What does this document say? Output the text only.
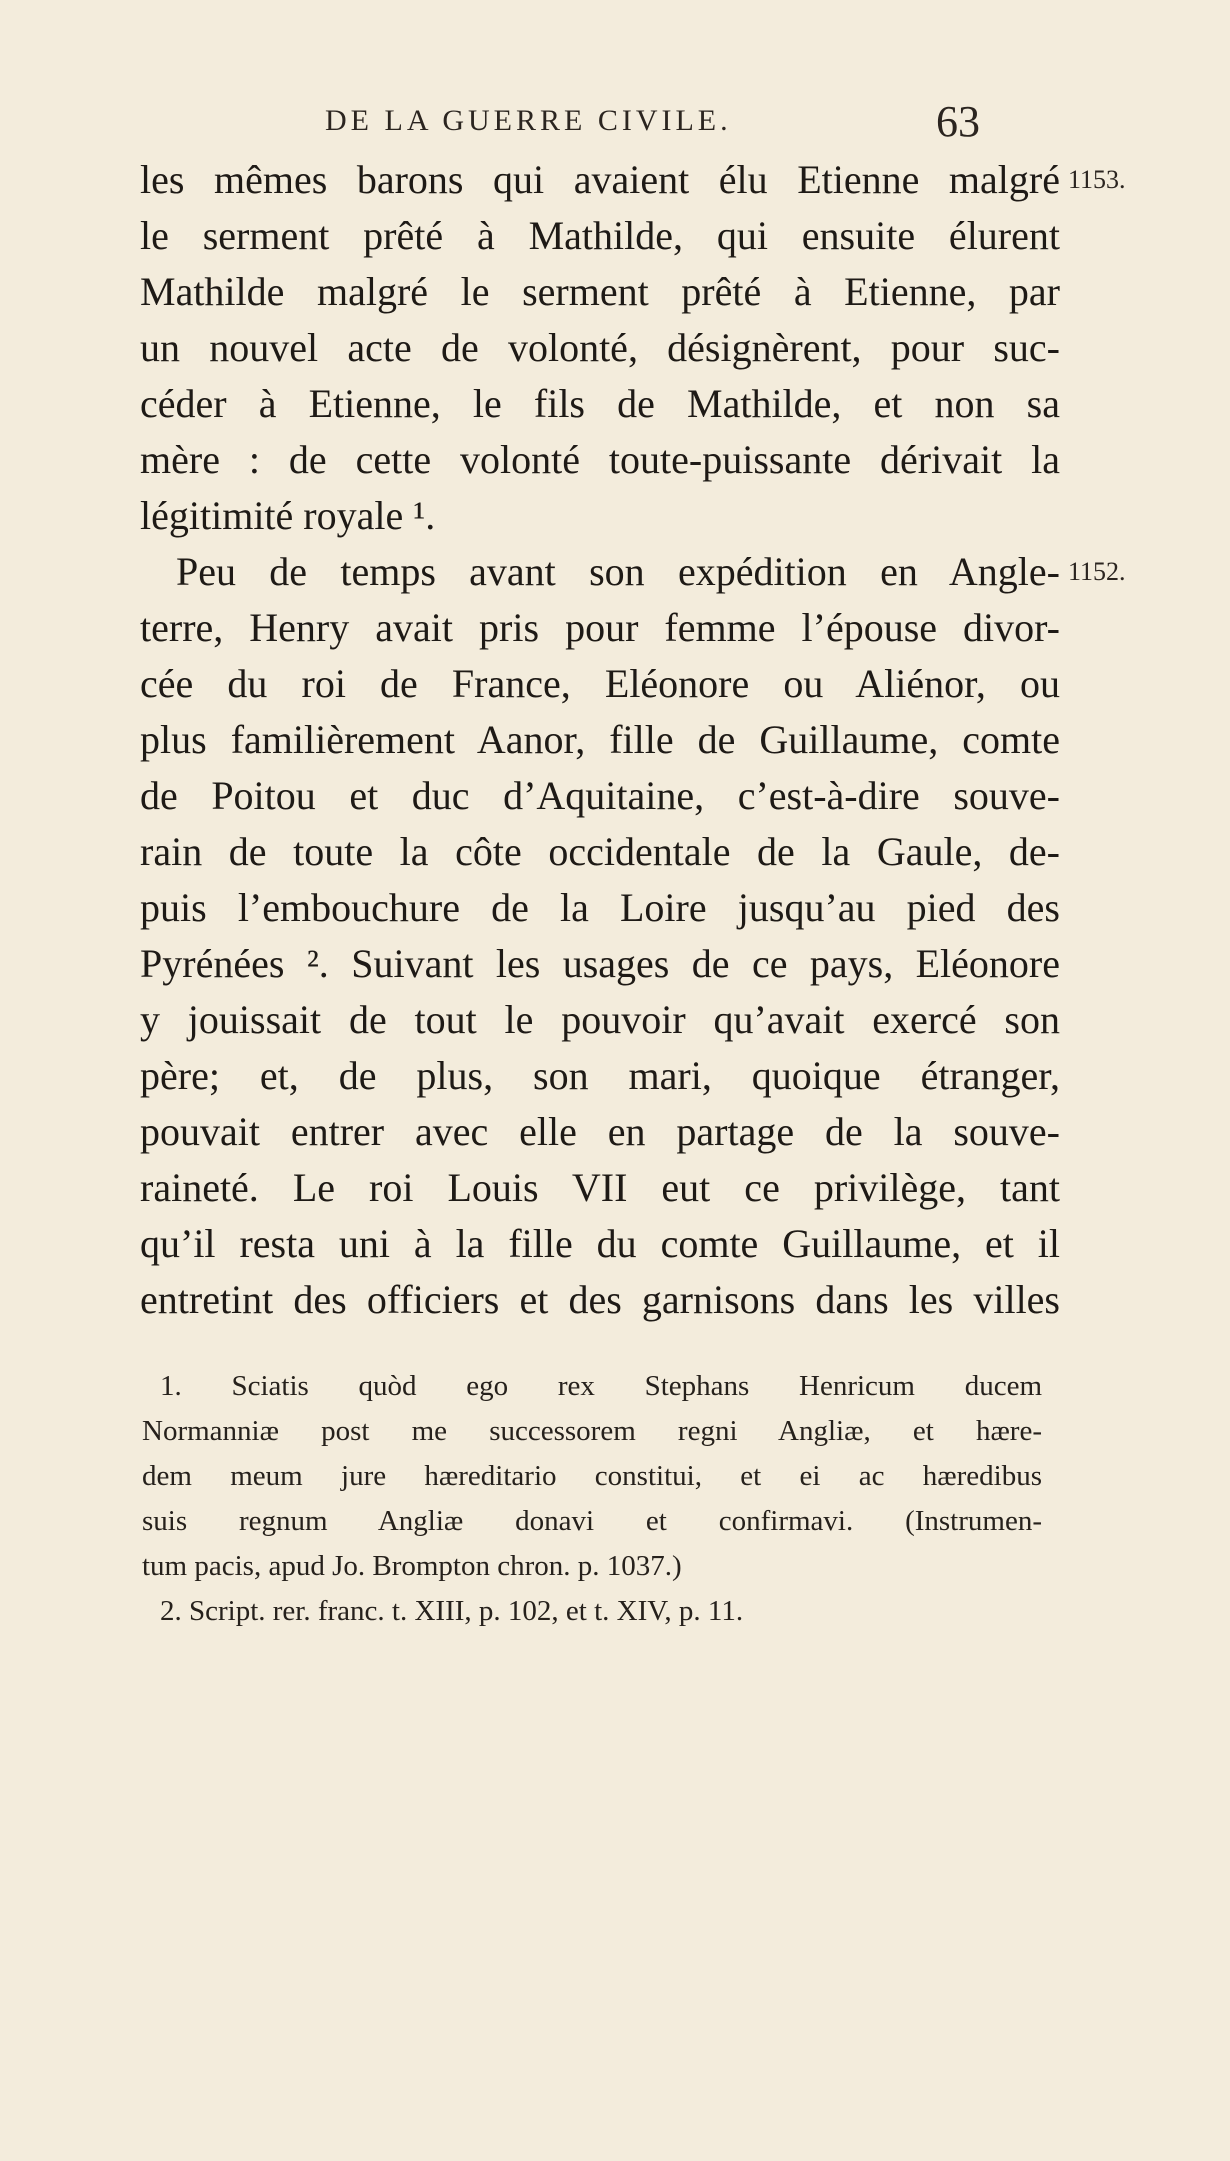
DE LA GUERRE CIVILE.	63
les mêmes barons qui avaient élu Etienne malgré
le serment prêté à Mathilde, qui ensuite élurent
Mathilde malgré le serment prêté à Etienne, par
un nouvel acte de volonté, désignèrent, pour suc-
céder à Etienne, le fils de Mathilde, et non sa
mère : de cette volonté toute-puissante dérivait la
légitimité royale ¹.
Peu de temps avant son expédition en Angle-
terre, Henry avait pris pour femme l’épouse divor-
cée du roi de France, Eléonore ou Aliénor, ou
plus familièrement Aanor, fille de Guillaume, comte
de Poitou et duc d’Aquitaine, c’est-à-dire souve-
rain de toute la côte occidentale de la Gaule, de-
puis l’embouchure de la Loire jusqu’au pied des
Pyrénées ². Suivant les usages de ce pays, Eléonore
y jouissait de tout le pouvoir qu’avait exercé son
père; et, de plus, son mari, quoique étranger,
pouvait entrer avec elle en partage de la souve-
raineté. Le roi Louis VII eut ce privilège, tant
qu’il resta uni à la fille du comte Guillaume, et il
entretint des officiers et des garnisons dans les villes
1153.
1152.
1. Sciatis quòd ego rex Stephans Henricum ducem
Normanniæ post me successorem regni Angliæ, et hære-
dem meum jure hæreditario constitui, et ei ac hæredibus
suis regnum Angliæ donavi et confirmavi. (Instrumen-
tum pacis, apud Jo. Brompton chron. p. 1037.)
2. Script. rer. franc. t. XIII, p. 102, et t. XIV, p. 11.
